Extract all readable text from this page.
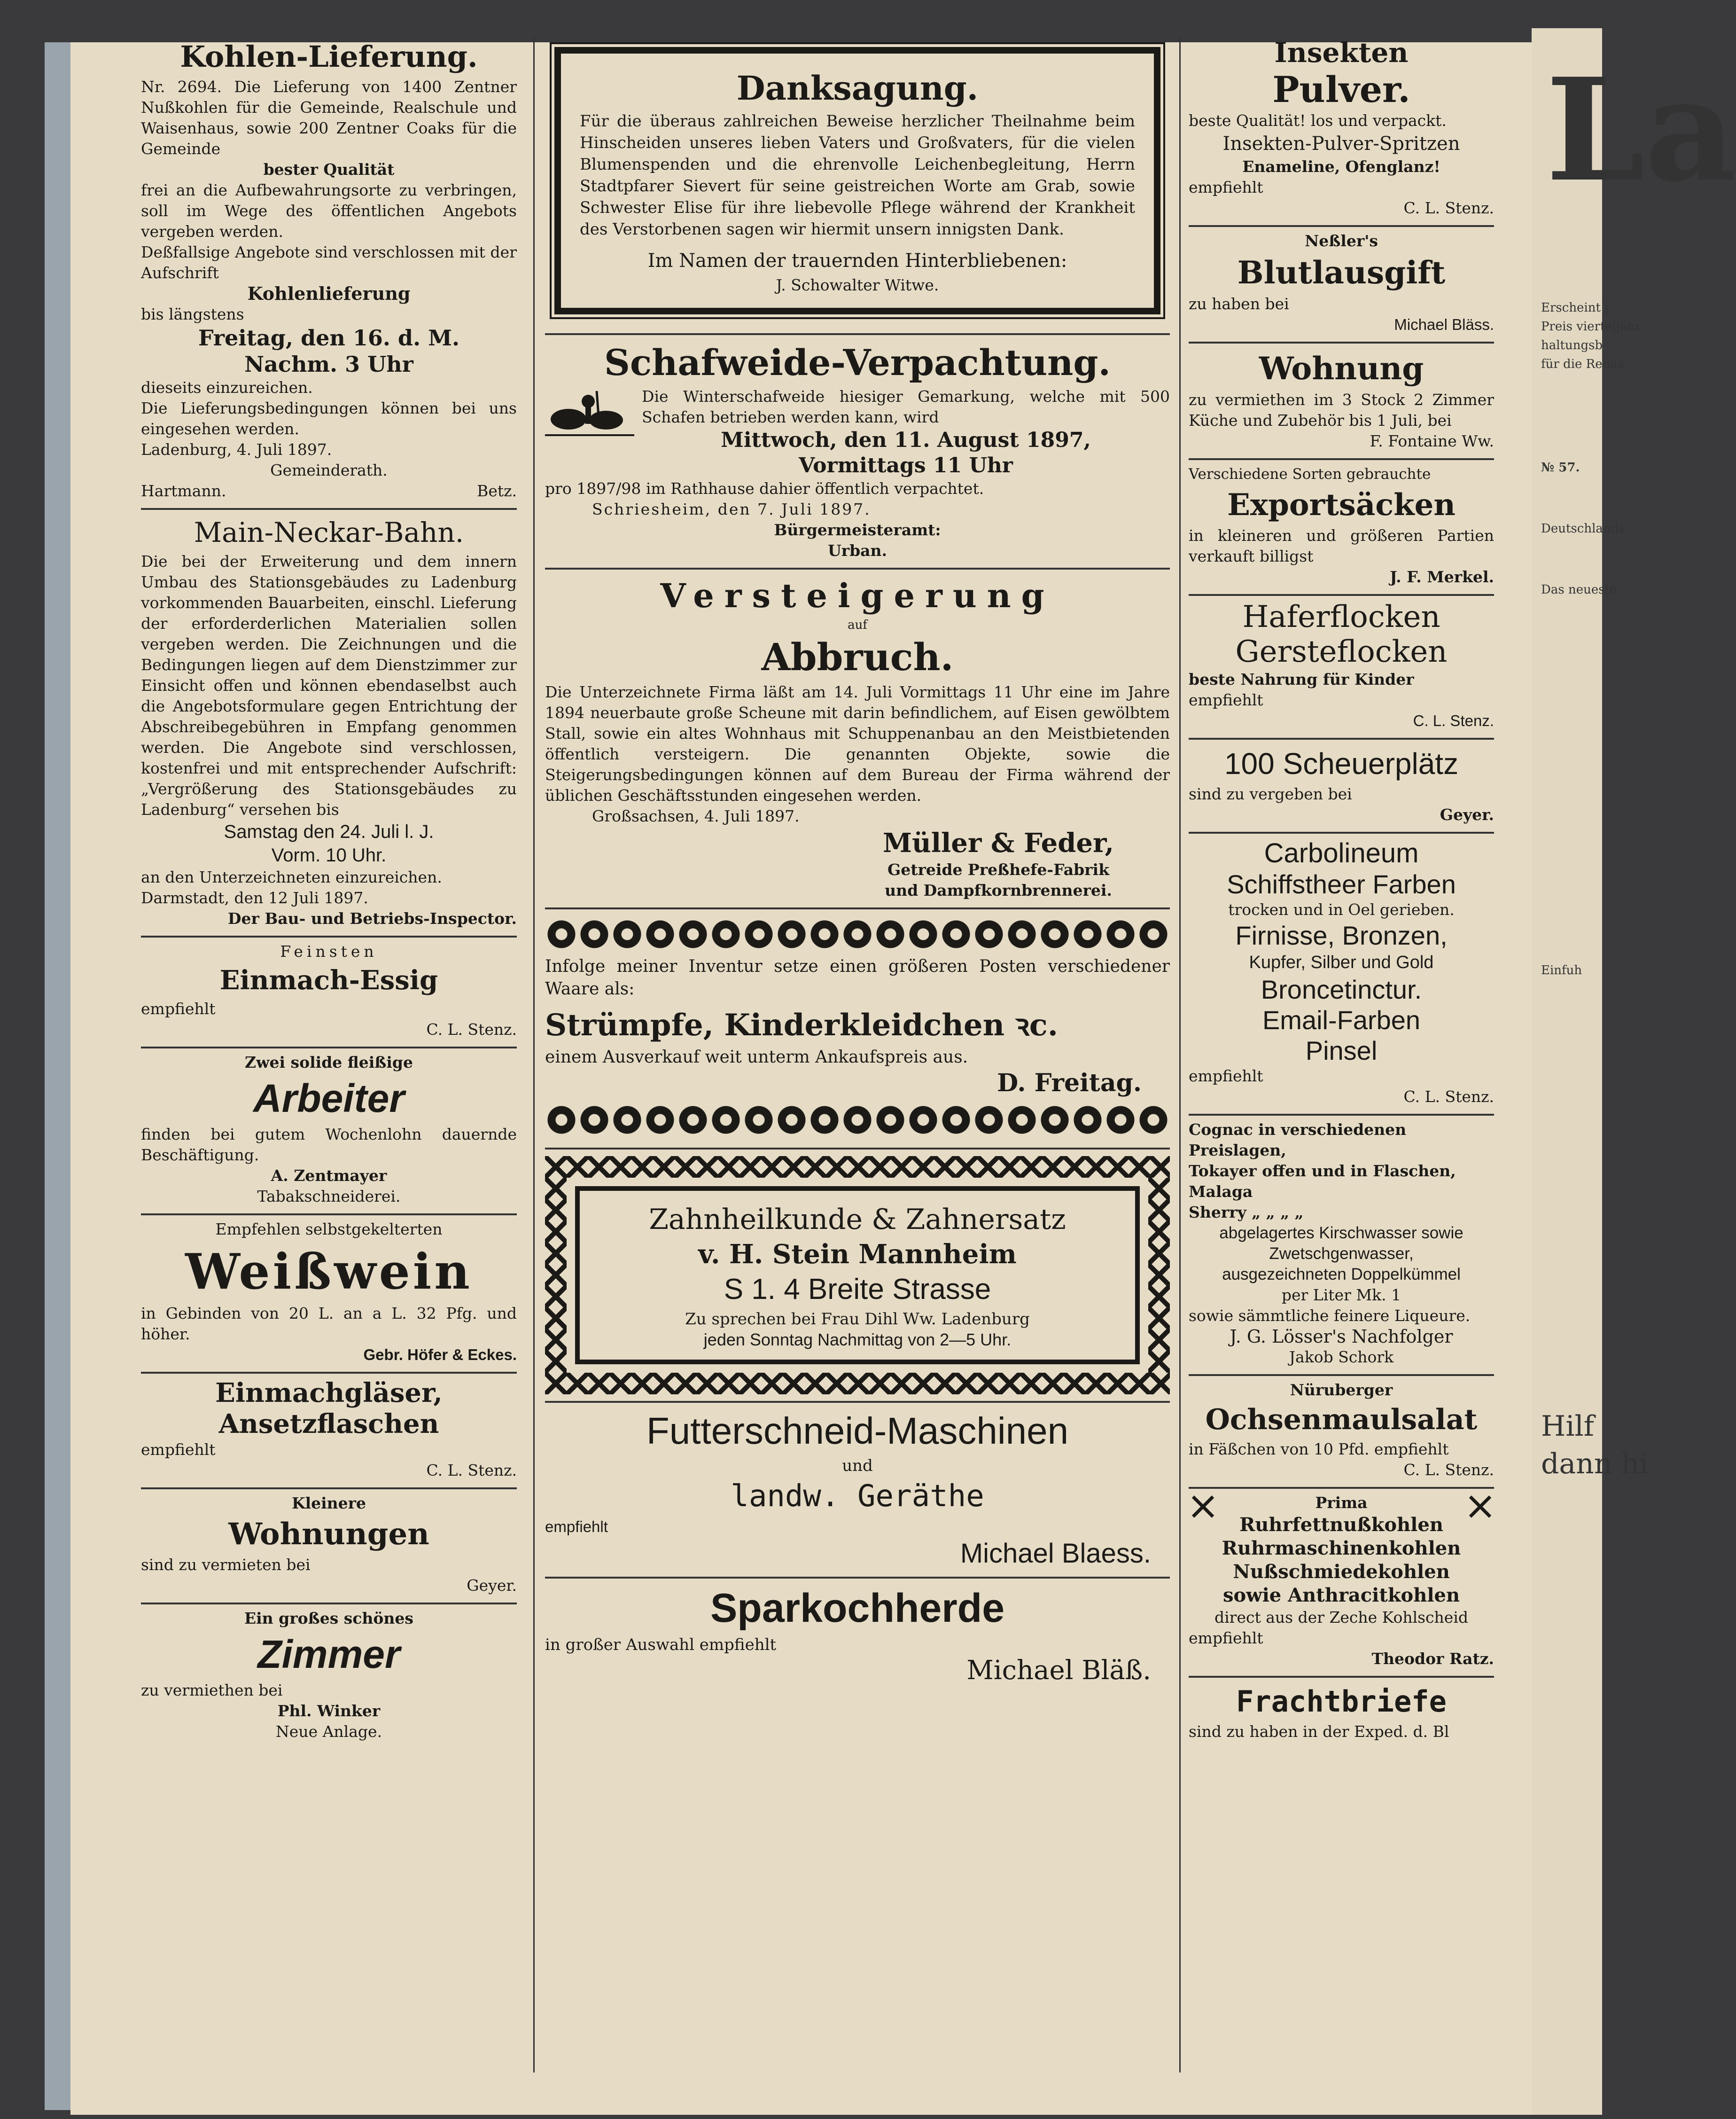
La
Erscheint j
Preis vierteljähr
haltungsb
für die Redak
№ 57.
Deutschlands
Das neueste
Einfuh
Hilf
dann hi
Kohlen-Lieferung.

Nr. 2694. Die Lieferung von 1400 Zentner Nußkohlen für die Gemeinde, Realschule und Waisenhaus, sowie 200 Zentner Coaks für die Gemeinde

bester Qualität

frei an die Aufbewahrungsorte zu verbringen, soll im Wege des öffentlichen Angebots vergeben werden.

Deßfallsige Angebote sind verschlossen mit der Aufschrift

Kohlenlieferung

bis längstens

Freitag, den 16. d. M.

Nachm. 3 Uhr

dieseits einzureichen.

Die Lieferungsbedingungen können bei uns eingesehen werden.

Ladenburg, 4. Juli 1897.

Gemeinderath.

Hartmann.	Betz.

Main-Neckar-Bahn.

Die bei der Erweiterung und dem innern Umbau des Stationsgebäudes zu Ladenburg vorkommenden Bauarbeiten, einschl. Lieferung der erforderderlichen Materialien sollen vergeben werden. Die Zeichnungen und die Bedingungen liegen auf dem Dienstzimmer zur Einsicht offen und können ebendaselbst auch die Angebotsformulare gegen Entrichtung der Abschreibegebühren in Empfang genommen werden. Die Angebote sind verschlossen, kostenfrei und mit entsprechender Aufschrift: „Vergrößerung des Stationsgebäudes zu Ladenburg“ versehen bis

Samstag den 24. Juli l. J.

Vorm. 10 Uhr.

an den Unterzeichneten einzureichen.

Darmstadt, den 12 Juli 1897.

Der Bau- und Betriebs-Inspector.

Feinsten

Einmach-Essig

empfiehlt

C. L. Stenz.

Zwei solide fleißige

Arbeiter

finden bei gutem Wochenlohn dauernde Beschäftigung.

A. Zentmayer

Tabakschneiderei.

Empfehlen selbstgekelterten

Weißwein

in Gebinden von 20 L. an a L. 32 Pfg. und höher.

Gebr. Höfer & Eckes.

Einmachgläser,
Ansetzflaschen

empfiehlt

C. L. Stenz.

Kleinere

Wohnungen

sind zu vermieten bei

Geyer.

Ein großes schönes

Zimmer

zu vermiethen bei

Phl. Winker

Neue Anlage.

Danksagung.

Für die überaus zahlreichen Beweise herzlicher Theilnahme beim Hinscheiden unseres lieben Vaters und Großvaters, für die vielen Blumenspenden und die ehrenvolle Leichenbegleitung, Herrn Stadtpfarer Sievert für seine geistreichen Worte am Grab, sowie Schwester Elise für ihre liebevolle Pflege während der Krankheit des Verstorbenen sagen wir hiermit unsern innigsten Dank.

Im Namen der trauernden Hinterbliebenen:

J. Schowalter Witwe.

Schafweide-Verpachtung.

Die Winterschafweide hiesiger Gemarkung, welche mit 500 Schafen betrieben werden kann, wird

Mittwoch, den 11. August 1897,

Vormittags 11 Uhr

pro 1897/98 im Rathhause dahier öffentlich verpachtet.

Schriesheim, den 7. Juli 1897.

Bürgermeisteramt:

Urban.

Versteigerung

auf

Abbruch.

Die Unterzeichnete Firma läßt am 14. Juli Vormittags 11 Uhr eine im Jahre 1894 neuerbaute große Scheune mit darin befindlichem, auf Eisen gewölbtem Stall, sowie ein altes Wohnhaus mit Schuppenanbau an den Meistbietenden öffentlich versteigern. Die genannten Objekte, sowie die Steigerungsbedingungen können auf dem Bureau der Firma während der üblichen Geschäftsstunden eingesehen werden.

Großsachsen, 4. Juli 1897.

Müller & Feder,

Getreide Preßhefe-Fabrik

und Dampfkornbrennerei.

Infolge meiner Inventur setze einen größeren Posten verschiedener Waare als:

Strümpfe, Kinderkleidchen ꝛc.

einem Ausverkauf weit unterm Ankaufspreis aus.

D. Freitag.

Zahnheilkunde & Zahnersatz
v. H. Stein Mannheim
S 1. 4 Breite Strasse

Zu sprechen bei Frau Dihl Ww. Ladenburg

jeden Sonntag Nachmittag von 2—5 Uhr.

Futterschneid-Maschinen

und

landw. Geräthe

empfiehlt

Michael Blaess.

Sparkochherde

in großer Auswahl empfiehlt

Michael Bläß.

Insekten
Pulver.

beste Qualität! los und verpackt.

Insekten-Pulver-Spritzen

Enameline, Ofenglanz!

empfiehlt

C. L. Stenz.

Neßler's

Blutlausgift

zu haben bei

Michael Bläss.

Wohnung

zu vermiethen im 3 Stock 2 Zimmer Küche und Zubehör bis 1 Juli, bei

F. Fontaine Ww.

Verschiedene Sorten gebrauchte

Exportsäcken

in kleineren und größeren Partien verkauft billigst

J. F. Merkel.

Haferflocken
Gersteflocken

beste Nahrung für Kinder

empfiehlt

C. L. Stenz.

100 Scheuerplätz

sind zu vergeben bei

Geyer.

Carbolineum
Schiffstheer Farben

trocken und in Oel gerieben.

Firnisse, Bronzen,

Kupfer, Silber und Gold

Broncetinctur.
Email-Farben
Pinsel

empfiehlt

C. L. Stenz.

Cognac in verschiedenen Preislagen,

Tokayer offen und in Flaschen,

Malaga

Sherry „ „ „ „

abgelagertes Kirschwasser sowie

Zwetschgenwasser,

ausgezeichneten Doppelkümmel

per Liter Mk. 1

sowie sämmtliche feinere Liqueure.

J. G. Lösser's Nachfolger

Jakob Schork

Nüruberger

Ochsenmaulsalat

in Fäßchen von 10 Pfd. empfiehlt

C. L. Stenz.

Prima

Ruhrfettnußkohlen

Ruhrmaschinenkohlen

Nußschmiedekohlen

sowie Anthracitkohlen

direct aus der Zeche Kohlscheid

empfiehlt

Theodor Ratz.

Frachtbriefe

sind zu haben in der Exped. d. Bl
